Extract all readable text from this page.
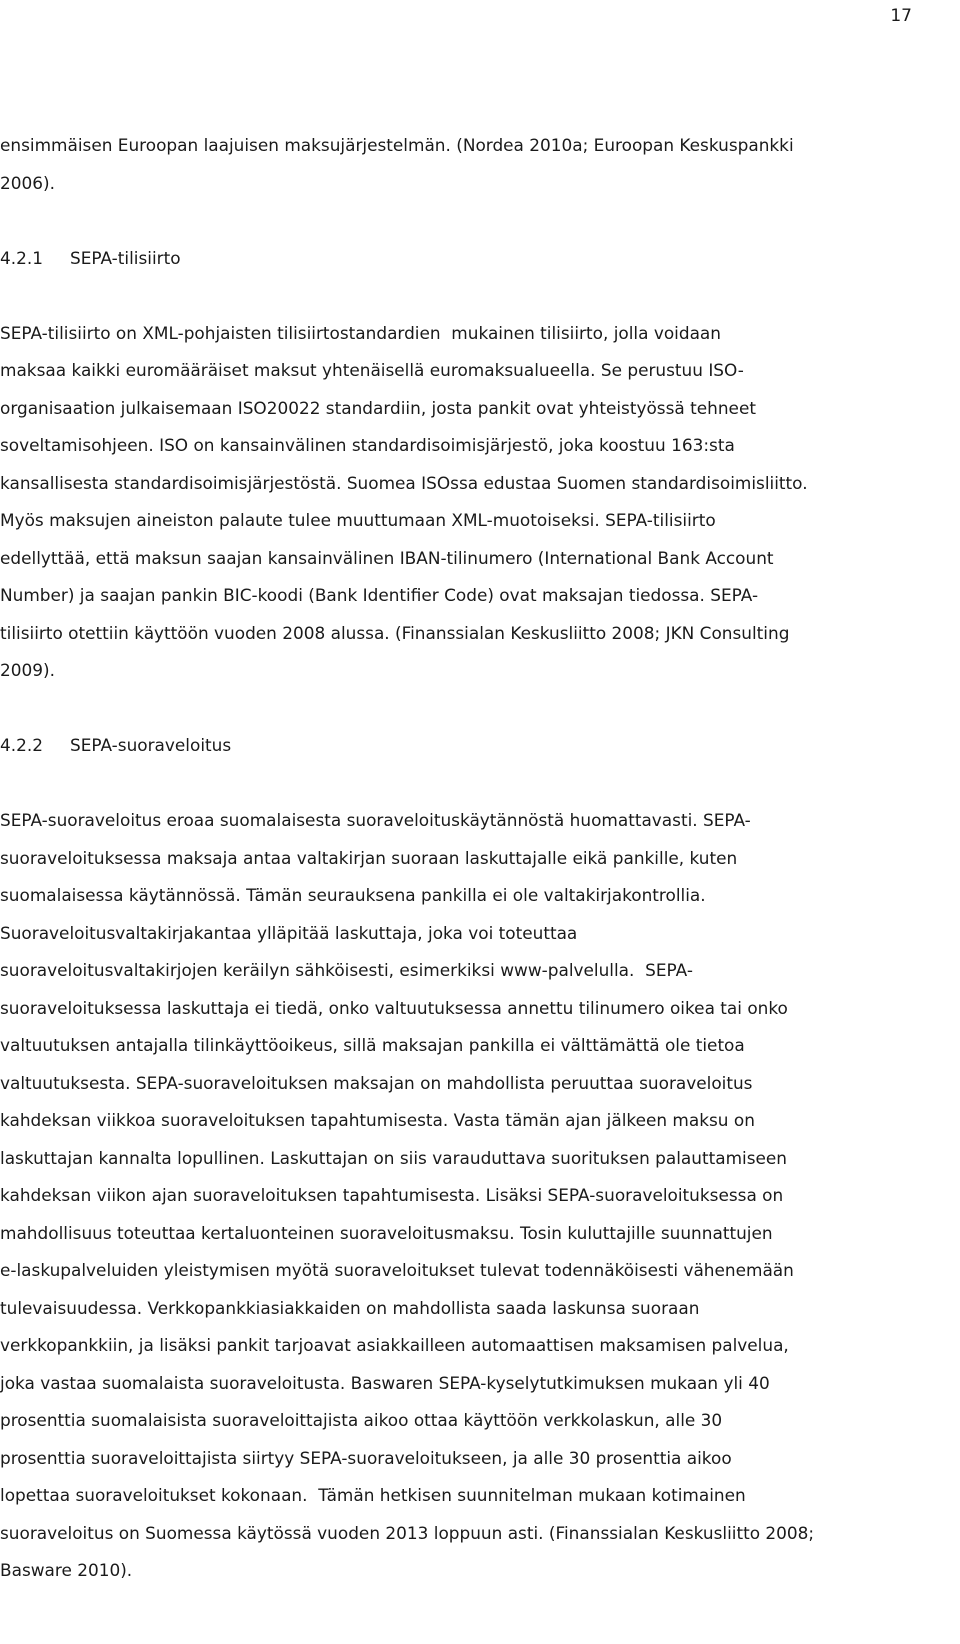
17
ensimmäisen Euroopan laajuisen maksujärjestelmän. (Nordea 2010a; Euroopan Keskuspankki
2006).
4.2.1 SEPA-tilisiirto
SEPA-tilisiirto on XML-pohjaisten tilisiirtostandardien  mukainen tilisiirto, jolla voidaan
maksaa kaikki euromääräiset maksut yhtenäisellä euromaksualueella. Se perustuu ISO-
organisaation julkaisemaan ISO20022 standardiin, josta pankit ovat yhteistyössä tehneet
soveltamisohjeen. ISO on kansainvälinen standardisoimisjärjestö, joka koostuu 163:sta
kansallisesta standardisoimisjärjestöstä. Suomea ISOssa edustaa Suomen standardisoimisliitto.
Myös maksujen aineiston palaute tulee muuttumaan XML-muotoiseksi. SEPA-tilisiirto
edellyttää, että maksun saajan kansainvälinen IBAN-tilinumero (International Bank Account
Number) ja saajan pankin BIC-koodi (Bank Identifier Code) ovat maksajan tiedossa. SEPA-
tilisiirto otettiin käyttöön vuoden 2008 alussa. (Finanssialan Keskusliitto 2008; JKN Consulting
2009).
4.2.2 SEPA-suoraveloitus
SEPA-suoraveloitus eroaa suomalaisesta suoraveloituskäytännöstä huomattavasti. SEPA-
suoraveloituksessa maksaja antaa valtakirjan suoraan laskuttajalle eikä pankille, kuten
suomalaisessa käytännössä. Tämän seurauksena pankilla ei ole valtakirjakontrollia.
Suoraveloitusvaltakirjakantaa ylläpitää laskuttaja, joka voi toteuttaa
suoraveloitusvaltakirjojen keräilyn sähköisesti, esimerkiksi www-palvelulla.  SEPA-
suoraveloituksessa laskuttaja ei tiedä, onko valtuutuksessa annettu tilinumero oikea tai onko
valtuutuksen antajalla tilinkäyttöoikeus, sillä maksajan pankilla ei välttämättä ole tietoa
valtuutuksesta. SEPA-suoraveloituksen maksajan on mahdollista peruuttaa suoraveloitus
kahdeksan viikkoa suoraveloituksen tapahtumisesta. Vasta tämän ajan jälkeen maksu on
laskuttajan kannalta lopullinen. Laskuttajan on siis varauduttava suorituksen palauttamiseen
kahdeksan viikon ajan suoraveloituksen tapahtumisesta. Lisäksi SEPA-suoraveloituksessa on
mahdollisuus toteuttaa kertaluonteinen suoraveloitusmaksu. Tosin kuluttajille suunnattujen
e-laskupalveluiden yleistymisen myötä suoraveloitukset tulevat todennäköisesti vähenemään
tulevaisuudessa. Verkkopankkiasiakkaiden on mahdollista saada laskunsa suoraan
verkkopankkiin, ja lisäksi pankit tarjoavat asiakkailleen automaattisen maksamisen palvelua,
joka vastaa suomalaista suoraveloitusta. Baswaren SEPA-kyselytutkimuksen mukaan yli 40
prosenttia suomalaisista suoraveloittajista aikoo ottaa käyttöön verkkolaskun, alle 30
prosenttia suoraveloittajista siirtyy SEPA-suoraveloitukseen, ja alle 30 prosenttia aikoo
lopettaa suoraveloitukset kokonaan.  Tämän hetkisen suunnitelman mukaan kotimainen
suoraveloitus on Suomessa käytössä vuoden 2013 loppuun asti. (Finanssialan Keskusliitto 2008;
Basware 2010).
